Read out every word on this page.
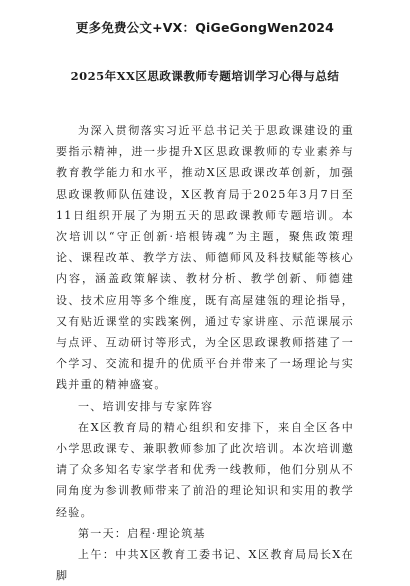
更多免费公文+VX：QiGeGongWen2024
2025年XX区思政课教师专题培训学习心得与总结

为深入贯彻落实习近平总书记关于思政课建设的重要指示精神，进一步提升X区思政课教师的专业素养与教育教学能力和水平，推动X区思政课改革创新，加强思政课教师队伍建设，X区教育局于2025年3月7日至11日组织开展了为期五天的思政课教师专题培训。本次培训以“守正创新·培根铸魂”为主题，聚焦政策理论、课程改革、教学方法、师德师风及科技赋能等核心内容，涵盖政策解读、教材分析、教学创新、师德建设、技术应用等多个维度，既有高屋建瓴的理论指导，又有贴近课堂的实践案例，通过专家讲座、示范课展示与点评、互动研讨等形式，为全区思政课教师搭建了一个学习、交流和提升的优质平台并带来了一场理论与实践并重的精神盛宴。

一、培训安排与专家阵容

在X区教育局的精心组织和安排下，来自全区各中小学思政课专、兼职教师参加了此次培训。本次培训邀请了众多知名专家学者和优秀一线教师，他们分别从不同角度为参训教师带来了前沿的理论知识和实用的教学经验。

第一天：启程·理论筑基

上午：中共X区教育工委书记、X区教育局局长X在脚
